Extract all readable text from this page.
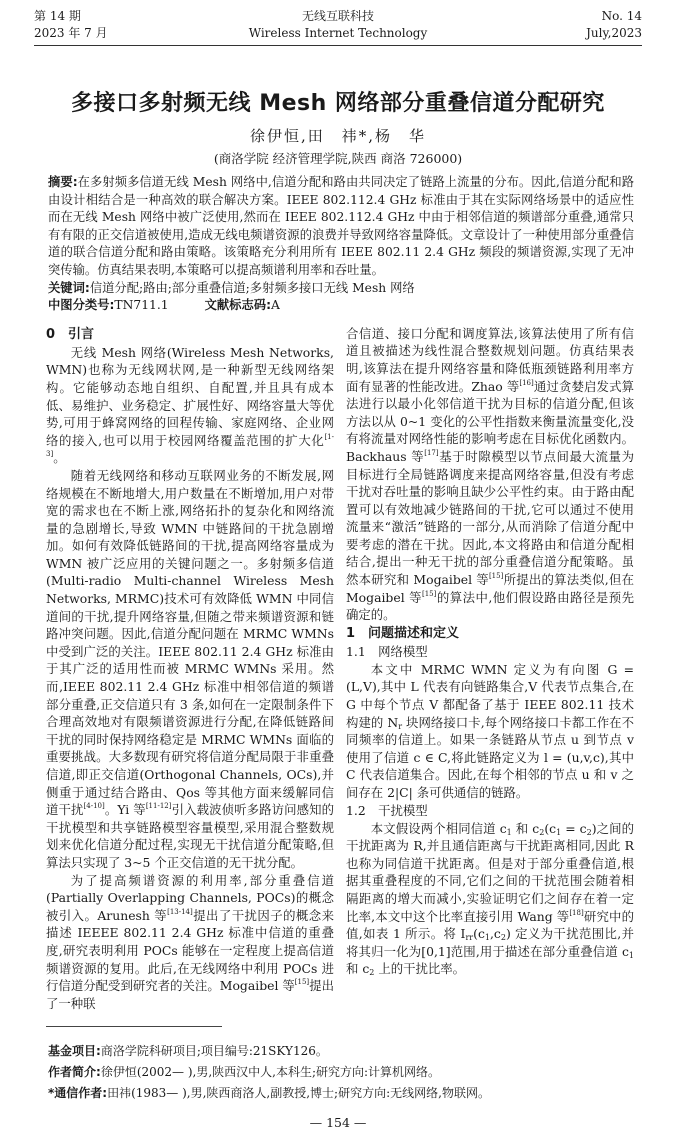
第 14 期
2023 年 7 月
无线互联科技
Wireless Internet Technology
No. 14
July,2023
多接口多射频无线 Mesh 网络部分重叠信道分配研究
徐伊恒,田　祎*,杨　华
(商洛学院 经济管理学院,陕西 商洛 726000)
摘要:在多射频多信道无线 Mesh 网络中,信道分配和路由共同决定了链路上流量的分布。因此,信道分配和路由设计相结合是一种高效的联合解决方案。IEEE 802.112.4 GHz 标准由于其在实际网络场景中的适应性而在无线 Mesh 网络中被广泛使用,然而在 IEEE 802.112.4 GHz 中由于相邻信道的频谱部分重叠,通常只有有限的正交信道被使用,造成无线电频谱资源的浪费并导致网络容量降低。文章设计了一种使用部分重叠信道的联合信道分配和路由策略。该策略充分利用所有 IEEE 802.11 2.4 GHz 频段的频谱资源,实现了无冲突传输。仿真结果表明,本策略可以提高频谱利用率和吞吐量。
关键词:信道分配;路由;部分重叠信道;多射频多接口无线 Mesh 网络
中图分类号:TN711.1	文献标志码:A
0　引言

无线 Mesh 网络(Wireless Mesh Networks, WMN)也称为无线网状网,是一种新型无线网络架构。它能够动态地自组织、自配置,并且具有成本低、易维护、业务稳定、扩展性好、网络容量大等优势,可用于蜂窝网络的回程传输、家庭网络、企业网络的接入,也可以用于校园网络覆盖范围的扩大化[1-3]。

随着无线网络和移动互联网业务的不断发展,网络规模在不断地增大,用户数量在不断增加,用户对带宽的需求也在不断上涨,网络拓扑的复杂化和网络流量的急剧增长,导致 WMN 中链路间的干扰急剧增加。如何有效降低链路间的干扰,提高网络容量成为 WMN 被广泛应用的关键问题之一。多射频多信道(Multi-radio Multi-channel Wireless Mesh Networks, MRMC)技术可有效降低 WMN 中同信道间的干扰,提升网络容量,但随之带来频谱资源和链路冲突问题。因此,信道分配问题在 MRMC WMNs 中受到广泛的关注。IEEE 802.11 2.4 GHz 标准由于其广泛的适用性而被 MRMC WMNs 采用。然而,IEEE 802.11 2.4 GHz 标准中相邻信道的频谱部分重叠,正交信道只有 3 条,如何在一定限制条件下合理高效地对有限频谱资源进行分配,在降低链路间干扰的同时保持网络稳定是 MRMC WMNs 面临的重要挑战。大多数现有研究将信道分配局限于非重叠信道,即正交信道(Orthogonal Channels, OCs),并侧重于通过结合路由、Qos 等其他方面来缓解同信道干扰[4-10]。Yi 等[11-12]引入载波侦听多路访问感知的干扰模型和共享链路模型容量模型,采用混合整数规划来优化信道分配过程,实现无干扰信道分配策略,但算法只实现了 3~5 个正交信道的无干扰分配。

为了提高频谱资源的利用率,部分重叠信道(Partially Overlapping Channels, POCs)的概念被引入。Arunesh 等[13-14]提出了干扰因子的概念来描述 IEEEE 802.11 2.4 GHz 标准中信道的重叠度,研究表明利用 POCs 能够在一定程度上提高信道频谱资源的复用。此后,在无线网络中利用 POCs 进行信道分配受到研究者的关注。Mogaibel 等[15]提出了一种联

合信道、接口分配和调度算法,该算法使用了所有信道且被描述为线性混合整数规划问题。仿真结果表明,该算法在提升网络容量和降低瓶颈链路利用率方面有显著的性能改进。Zhao 等[16]通过贪婪启发式算法进行以最小化邻信道干扰为目标的信道分配,但该方法以从 0~1 变化的公平性指数来衡量流量变化,没有将流量对网络性能的影响考虑在目标优化函数内。Backhaus 等[17]基于时隙模型以节点间最大流量为目标进行全局链路调度来提高网络容量,但没有考虑干扰对吞吐量的影响且缺少公平性约束。由于路由配置可以有效地减少链路间的干扰,它可以通过不使用流量来“激活”链路的一部分,从而消除了信道分配中要考虑的潜在干扰。因此,本文将路由和信道分配相结合,提出一种无干扰的部分重叠信道分配策略。虽然本研究和 Mogaibel 等[15]所提出的算法类似,但在 Mogaibel 等[15]的算法中,他们假设路由路径是预先确定的。

1　问题描述和定义
1.1　网络模型

本文中 MRMC WMN 定义为有向图 G = (L,V),其中 L 代表有向链路集合,V 代表节点集合,在 G 中每个节点 V 都配备了基于 IEEE 802.11 技术构建的 $N_r$ 块网络接口卡,每个网络接口卡都工作在不同频率的信道上。如果一条链路从节点 u 到节点 v 使用了信道 c ∈ C,将此链路定义为 l = (u,v,c),其中 C 代表信道集合。因此,在每个相邻的节点 u 和 v 之间存在 2|C| 条可供通信的链路。

1.2　干扰模型

本文假设两个相同信道 $c_1$ 和 $c_2(c_1 = c_2)$之间的干扰距离为 R,并且通信距离与干扰距离相同,因此 R 也称为同信道干扰距离。但是对于部分重叠信道,根据其重叠程度的不同,它们之间的干扰范围会随着相隔距离的增大而减小,实验证明它们之间存在着一定比率,本文中这个比率直接引用 Wang 等[18]研究中的值,如表 1 所示。将 $I_{rr}(c_1,c_2)$ 定义为干扰范围比,并将其归一化为[0,1]范围,用于描述在部分重叠信道 $c_1$ 和 $c_2$ 上的干扰比率。

基金项目:商洛学院科研项目;项目编号:21SKY126。
作者简介:徐伊恒(2002— ),男,陕西汉中人,本科生;研究方向:计算机网络。
*通信作者:田祎(1983— ),男,陕西商洛人,副教授,博士;研究方向:无线网络,物联网。
— 154 —
